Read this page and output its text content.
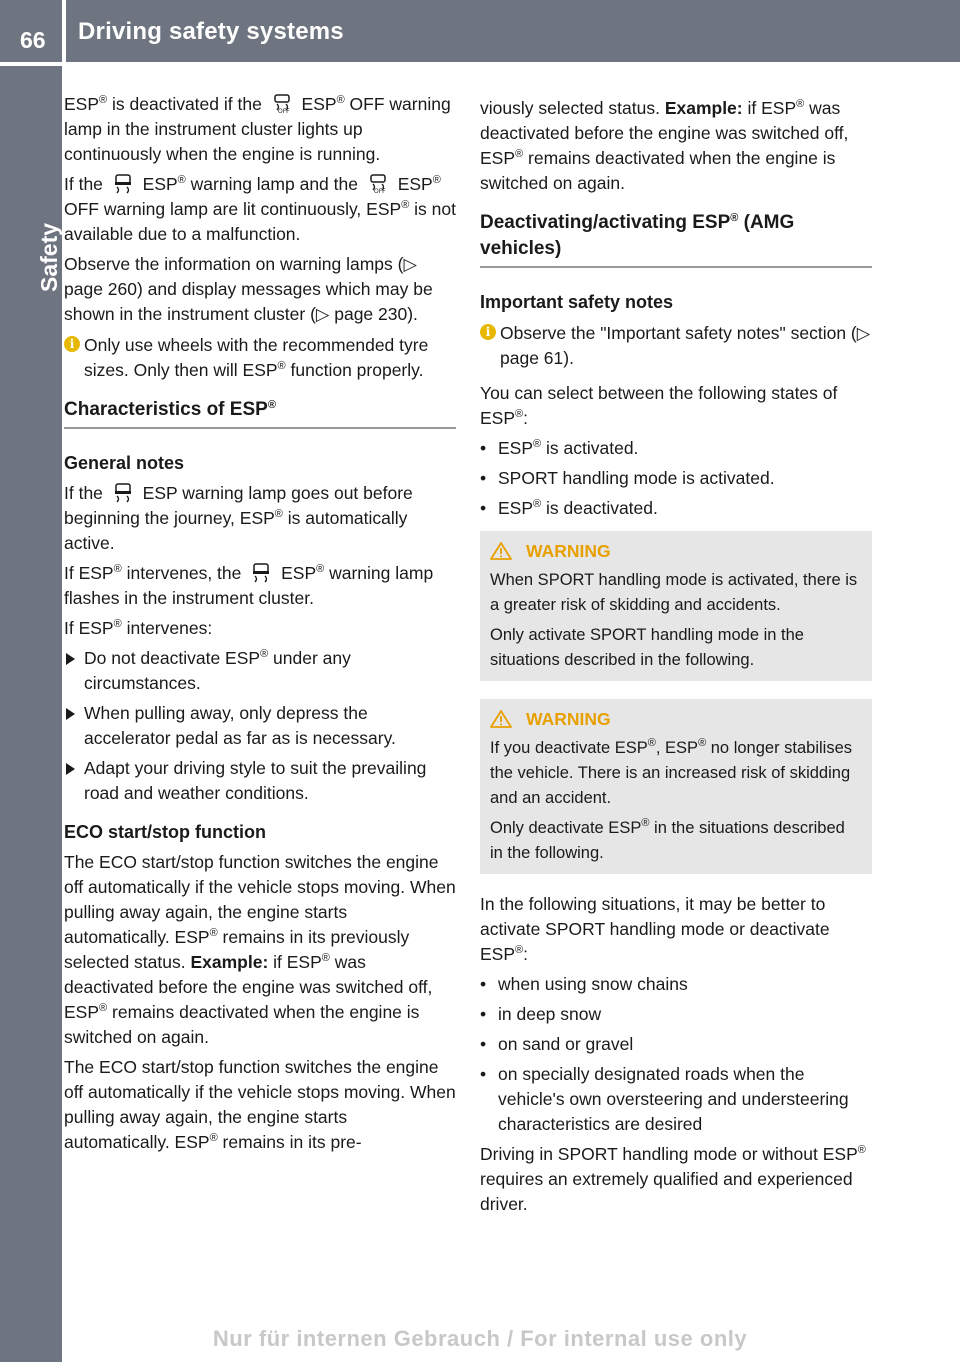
66	Driving safety systems
Safety

ESP® is deactivated if the OFF ESP® OFF warning lamp in the instrument cluster lights up continuously when the engine is running.

If the  ESP® warning lamp and the OFF ESP® OFF warning lamp are lit continuously, ESP® is not available due to a malfunction.

Observe the information on warning lamps (▷ page 260) and display messages which may be shown in the instrument cluster (▷ page 230).

i Only use wheels with the recommended tyre sizes. Only then will ESP® function properly.
Characteristics of ESP®
General notes

If the  ESP warning lamp goes out before beginning the journey, ESP® is automatically active.

If ESP® intervenes, the  ESP® warning lamp flashes in the instrument cluster.

If ESP® intervenes:

Do not deactivate ESP® under any circumstances.
When pulling away, only depress the accelerator pedal as far as is necessary.
Adapt your driving style to suit the prevailing road and weather conditions.
ECO start/stop function

The ECO start/stop function switches the engine off automatically if the vehicle stops moving. When pulling away again, the engine starts automatically. ESP® remains in its previously selected status. Example: if ESP® was deactivated before the engine was switched off, ESP® remains deactivated when the engine is switched on again.

The ECO start/stop function switches the engine off automatically if the vehicle stops moving. When pulling away again, the engine starts automatically. ESP® remains in its pre-

viously selected status. Example: if ESP® was deactivated before the engine was switched off, ESP® remains deactivated when the engine is switched on again.

Deactivating/activating ESP® (AMG vehicles)
Important safety notes
i Observe the "Important safety notes" section (▷ page 61).

You can select between the following states of ESP®:

• ESP® is activated.
• SPORT handling mode is activated.
• ESP® is deactivated.
WARNING

When SPORT handling mode is activated, there is a greater risk of skidding and accidents.

Only activate SPORT handling mode in the situations described in the following.

WARNING

If you deactivate ESP®, ESP® no longer stabilises the vehicle. There is an increased risk of skidding and an accident.

Only deactivate ESP® in the situations described in the following.

In the following situations, it may be better to activate SPORT handling mode or deactivate ESP®:

• when using snow chains
• in deep snow
• on sand or gravel
• on specially designated roads when the vehicle's own oversteering and understeering characteristics are desired

Driving in SPORT handling mode or without ESP® requires an extremely qualified and experienced driver.

Nur für internen Gebrauch / For internal use only
